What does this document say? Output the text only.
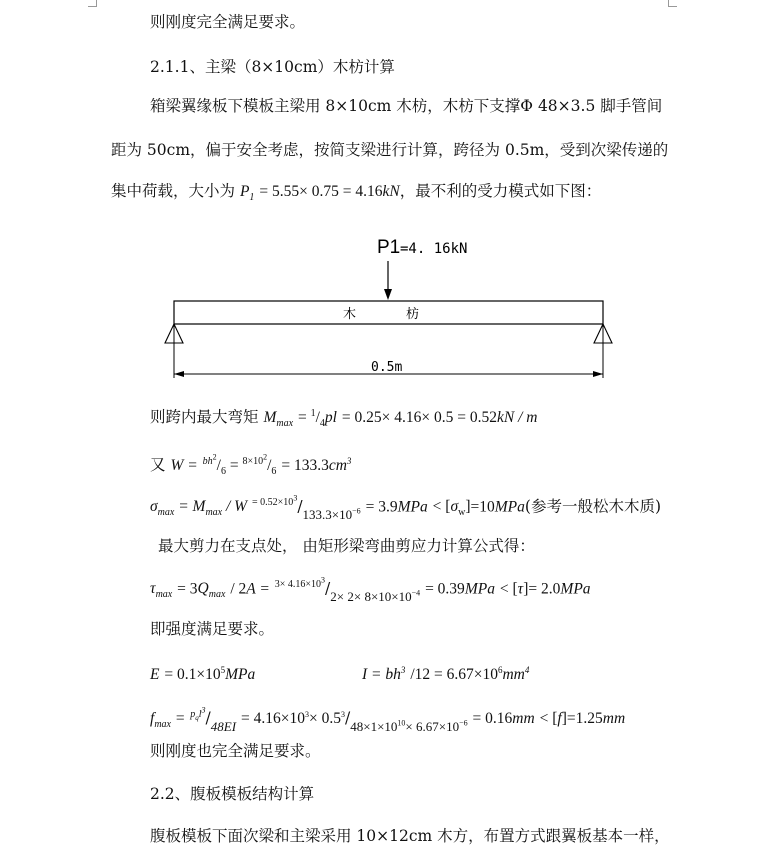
则刚度完全满足要求。
2.1.1、主梁（8×10cm）木枋计算
箱梁翼缘板下模板主梁用 8×10cm 木枋，木枋下支撑Φ 48×3.5 脚手管间
距为 50cm，偏于安全考虑，按简支梁进行计算，跨径为 0.5m，受到次梁传递的
集中荷载，大小为 $P_1 = 5.55\times 0.75 = 4.16kN$，最不利的受力模式如下图：
P1 =4. 16kN
木	枋
0.5m
则跨内最大弯矩 $M_{max} = ^1/_4pl = 0.25\times 4.16\times 0.5 = 0.52kN / m$
又 $W = ^{bh^2}/_6 = ^{8\times 10^2}/_6 = 133.3cm^3$
$\sigma_{max} = M_{max} / W$ $^{= 0.52\times 10^3}/_{133.3\times 10^{-6}} = 3.9MPa < [\sigma_w]=10MPa$(参考一般松木木质)
最大剪力在支点处， 由矩形梁弯曲剪应力计算公式得：
$\tau_{max} = 3Q_{max} / 2A = ^{3\times 4.16\times 10^3}/_{2\times 2\times 8\times 10\times 10^{-4}} = 0.39MPa < [\tau]= 2.0MPa$
即强度满足要求。
$E = 0.1\times 10^5MPa$	$I = bh^3$ $/12 = 6.67\times 10^6mm^4$
$f_{max} = ^{p_ql^3}/_{48EI} = 4.16\times 10^3\times 0.5^3/_{48\times 1\times 10^{10}\times 6.67\times 10^{-6}} = 0.16mm < [f]=1.25mm$
则刚度也完全满足要求。
2.2、腹板模板结构计算
腹板模板下面次梁和主梁采用 10×12cm 木方，布置方式跟翼板基本一样，
